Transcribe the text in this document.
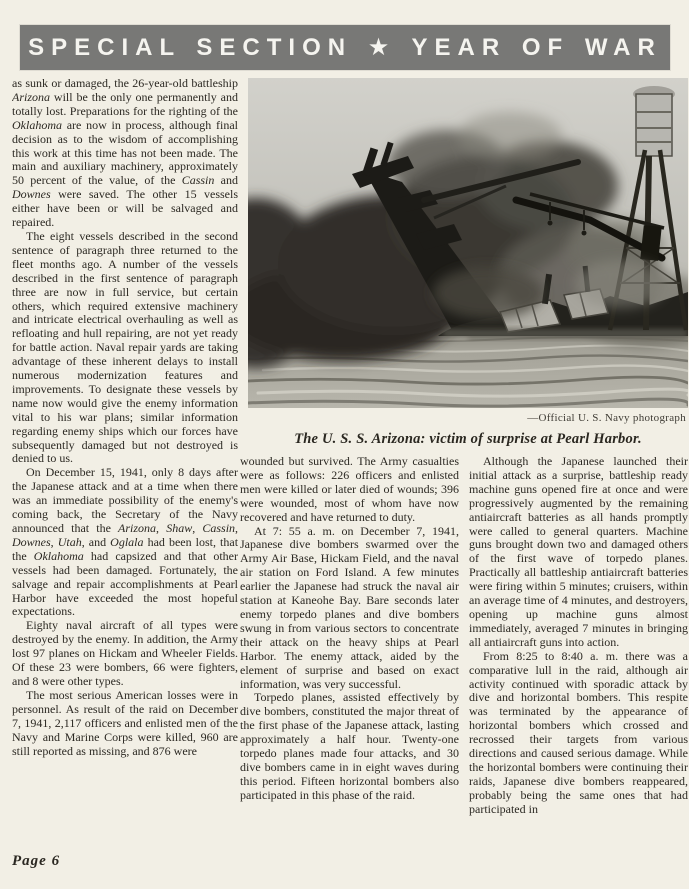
SPECIAL SECTION ★ YEAR OF WAR

as sunk or damaged, the 26-year-old battleship Arizona will be the only one permanently and totally lost. Preparations for the righting of the Oklahoma are now in process, although final decision as to the wisdom of accomplishing this work at this time has not been made. The main and auxiliary machinery, approximately 50 percent of the value, of the Cassin and Downes were saved. The other 15 vessels either have been or will be salvaged and repaired.

The eight vessels described in the second sentence of paragraph three returned to the fleet months ago. A number of the vessels described in the first sentence of paragraph three are now in full service, but certain others, which required extensive machinery and intricate electrical overhauling as well as refloating and hull repairing, are not yet ready for battle action. Naval repair yards are taking advantage of these inherent delays to install numerous modernization features and improvements. To designate these vessels by name now would give the enemy information vital to his war plans; similar information regarding enemy ships which our forces have subsequently damaged but not destroyed is denied to us.

On December 15, 1941, only 8 days after the Japanese attack and at a time when there was an immediate possibility of the enemy's coming back, the Secretary of the Navy announced that the Arizona, Shaw, Cassin, Downes, Utah, and Oglala had been lost, that the Oklahoma had capsized and that other vessels had been damaged. Fortunately, the salvage and repair accomplishments at Pearl Harbor have exceeded the most hopeful expectations.

Eighty naval aircraft of all types were destroyed by the enemy. In addition, the Army lost 97 planes on Hickam and Wheeler Fields. Of these 23 were bombers, 66 were fighters, and 8 were other types.

The most serious American losses were in personnel. As result of the raid on December 7, 1941, 2,117 officers and enlisted men of the Navy and Marine Corps were killed, 960 are still reported as missing, and 876 were

—Official U. S. Navy photograph
The U. S. S. Arizona: victim of surprise at Pearl Harbor.

wounded but survived. The Army casualties were as follows: 226 officers and enlisted men were killed or later died of wounds; 396 were wounded, most of whom have now recovered and have returned to duty.

At 7: 55 a. m. on December 7, 1941, Japanese dive bombers swarmed over the Army Air Base, Hickam Field, and the naval air station on Ford Island. A few minutes earlier the Japanese had struck the naval air station at Kaneohe Bay. Bare seconds later enemy torpedo planes and dive bombers swung in from various sectors to concentrate their attack on the heavy ships at Pearl Harbor. The enemy attack, aided by the element of surprise and based on exact information, was very successful.

Torpedo planes, assisted effectively by dive bombers, constituted the major threat of the first phase of the Japanese attack, lasting approximately a half hour. Twenty-one torpedo planes made four attacks, and 30 dive bombers came in in eight waves during this period. Fifteen horizontal bombers also participated in this phase of the raid.

Although the Japanese launched their initial attack as a surprise, battleship ready machine guns opened fire at once and were progressively augmented by the remaining antiaircraft batteries as all hands promptly were called to general quarters. Machine guns brought down two and damaged others of the first wave of torpedo planes. Practically all battleship antiaircraft batteries were firing within 5 minutes; cruisers, within an average time of 4 minutes, and destroyers, opening up machine guns almost immediately, averaged 7 minutes in bringing all antiaircraft guns into action.

From 8:25 to 8:40 a. m. there was a comparative lull in the raid, although air activity continued with sporadic attack by dive and horizontal bombers. This respite was terminated by the appearance of horizontal bombers which crossed and recrossed their targets from various directions and caused serious damage. While the horizontal bombers were continuing their raids, Japanese dive bombers reappeared, probably being the same ones that had participated in

Page 6
